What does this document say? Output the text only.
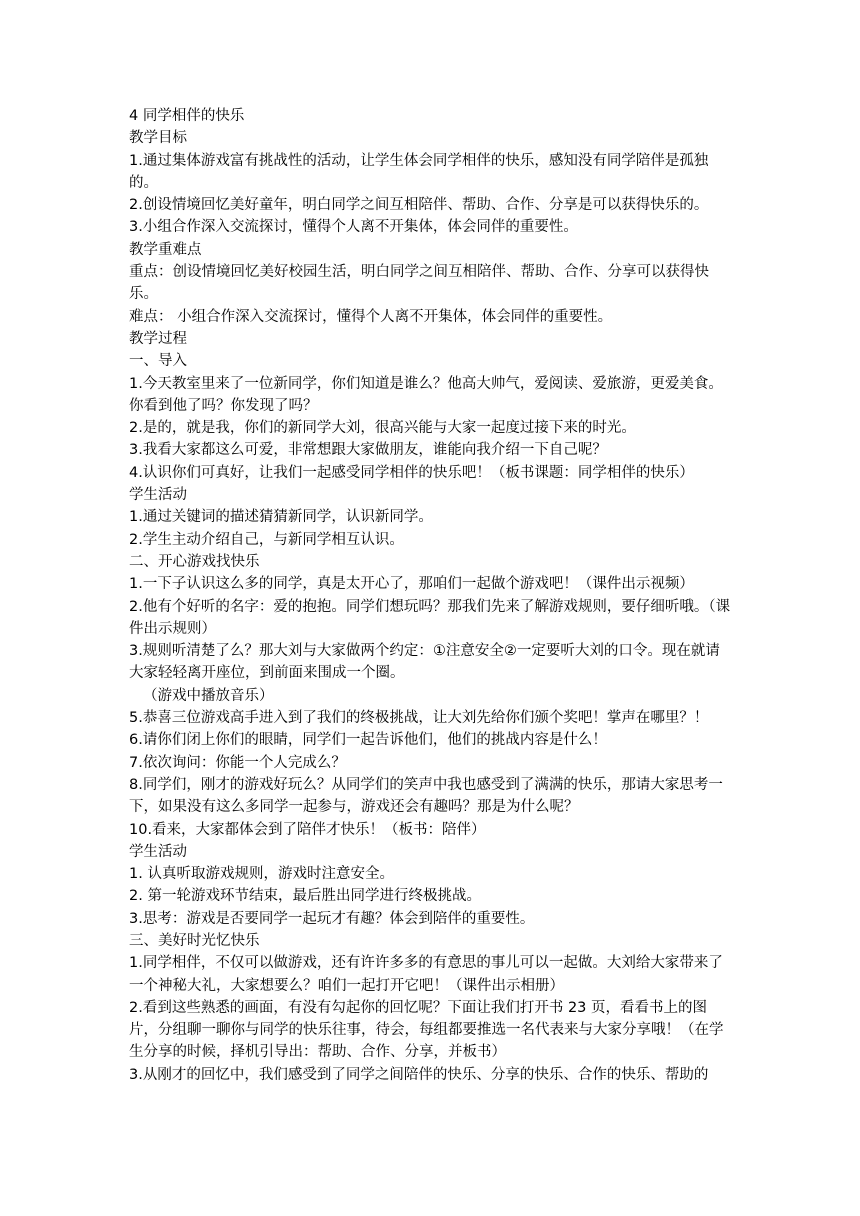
4 同学相伴的快乐

教学目标

1.通过集体游戏富有挑战性的活动，让学生体会同学相伴的快乐，感知没有同学陪伴是孤独的。

2.创设情境回忆美好童年，明白同学之间互相陪伴、帮助、合作、分享是可以获得快乐的。

3.小组合作深入交流探讨，懂得个人离不开集体，体会同伴的重要性。

教学重难点

重点：创设情境回忆美好校园生活，明白同学之间互相陪伴、帮助、合作、分享可以获得快乐。

难点： 小组合作深入交流探讨，懂得个人离不开集体，体会同伴的重要性。

教学过程

一、导入

1.今天教室里来了一位新同学，你们知道是谁么？他高大帅气，爱阅读、爱旅游，更爱美食。你看到他了吗？你发现了吗？

2.是的，就是我，你们的新同学大刘，很高兴能与大家一起度过接下来的时光。

3.我看大家都这么可爱，非常想跟大家做朋友，谁能向我介绍一下自己呢？

4.认识你们可真好，让我们一起感受同学相伴的快乐吧！（板书课题：同学相伴的快乐）

学生活动

1.通过关键词的描述猜猜新同学，认识新同学。

2.学生主动介绍自己，与新同学相互认识。

二、开心游戏找快乐

1.一下子认识这么多的同学，真是太开心了，那咱们一起做个游戏吧！（课件出示视频）

2.他有个好听的名字：爱的抱抱。同学们想玩吗？那我们先来了解游戏规则，要仔细听哦。（课件出示规则）

3.规则听清楚了么？那大刘与大家做两个约定：①注意安全②一定要听大刘的口令。现在就请大家轻轻离开座位，到前面来围成一个圈。

（游戏中播放音乐）

5.恭喜三位游戏高手进入到了我们的终极挑战，让大刘先给你们颁个奖吧！掌声在哪里？！

6.请你们闭上你们的眼睛，同学们一起告诉他们，他们的挑战内容是什么！

7.依次询问：你能一个人完成么？

8.同学们，刚才的游戏好玩么？从同学们的笑声中我也感受到了满满的快乐，那请大家思考一下，如果没有这么多同学一起参与，游戏还会有趣吗？那是为什么呢？

10.看来，大家都体会到了陪伴才快乐！（板书：陪伴）

学生活动

1. 认真听取游戏规则，游戏时注意安全。

2. 第一轮游戏环节结束，最后胜出同学进行终极挑战。

3.思考：游戏是否要同学一起玩才有趣？体会到陪伴的重要性。

三、美好时光忆快乐

1.同学相伴，不仅可以做游戏，还有许许多多的有意思的事儿可以一起做。大刘给大家带来了一个神秘大礼，大家想要么？咱们一起打开它吧！（课件出示相册）

2.看到这些熟悉的画面，有没有勾起你的回忆呢？下面让我们打开书 23 页，看看书上的图片，分组聊一聊你与同学的快乐往事，待会，每组都要推选一名代表来与大家分享哦！（在学生分享的时候，择机引导出：帮助、合作、分享，并板书）

3.从刚才的回忆中，我们感受到了同学之间陪伴的快乐、分享的快乐、合作的快乐、帮助的
